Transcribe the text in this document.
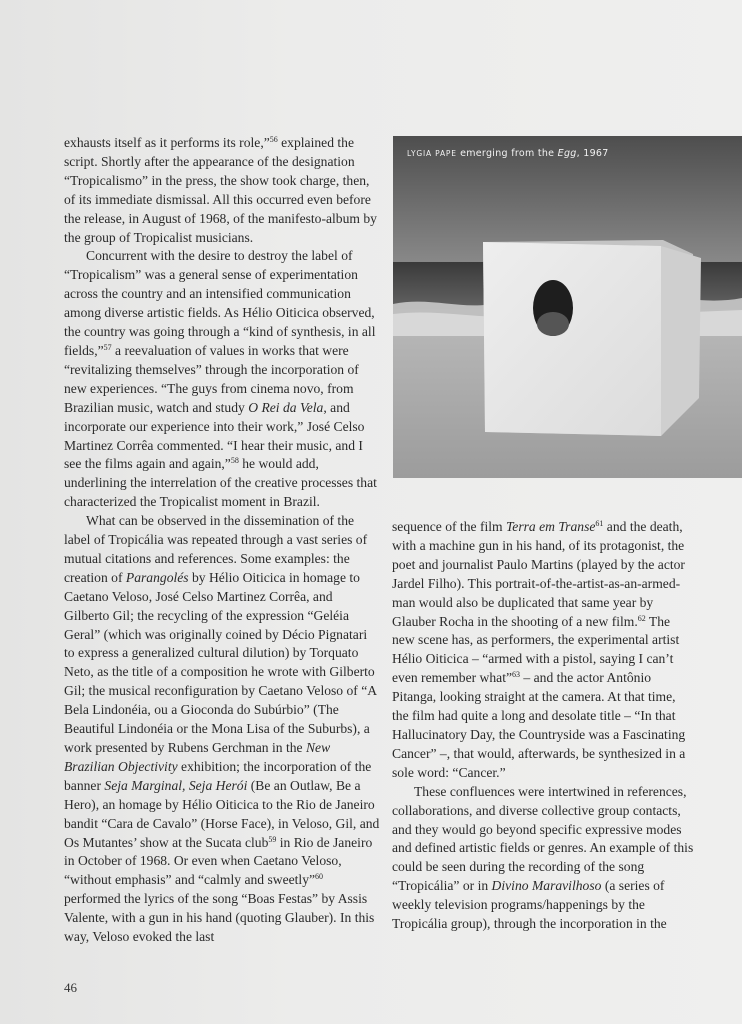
exhausts itself as it performs its role,”$^{56}$ explained the script. Shortly after the appearance of the designation “Tropicalismo” in the press, the show took charge, then, of its immediate dismissal. All this occurred even before the release, in August of 1968, of the manifesto-album by the group of Tropicalist musicians.

Concurrent with the desire to destroy the label of “Tropicalism” was a general sense of experimentation across the country and an intensified communication among diverse artistic fields. As Hélio Oiticica observed, the country was going through a “kind of synthesis, in all fields,”$^{57}$ a reevaluation of values in works that were “revitalizing themselves” through the incorporation of new experiences. “The guys from cinema novo, from Brazilian music, watch and study O Rei da Vela, and incorporate our experience into their work,” José Celso Martinez Corrêa commented. “I hear their music, and I see the films again and again,”$^{58}$ he would add, underlining the interrelation of the creative processes that characterized the Tropicalist moment in Brazil.

What can be observed in the dissemination of the label of Tropicália was repeated through a vast series of mutual citations and references. Some examples: the creation of Parangolés by Hélio Oiticica in homage to Caetano Veloso, José Celso Martinez Corrêa, and Gilberto Gil; the recycling of the expression “Geléia Geral” (which was originally coined by Décio Pignatari to express a generalized cultural dilution) by Torquato Neto, as the title of a composition he wrote with Gilberto Gil; the musical reconfiguration by Caetano Veloso of “A Bela Lindonéia, ou a Gioconda do Subúrbio” (The Beautiful Lindonéia or the Mona Lisa of the Suburbs), a work presented by Rubens Gerchman in the New Brazilian Objectivity exhibition; the incorporation of the banner Seja Marginal, Seja Herói (Be an Outlaw, Be a Hero), an homage by Hélio Oiticica to the Rio de Janeiro bandit “Cara de Cavalo” (Horse Face), in Veloso, Gil, and Os Mutantes’ show at the Sucata club$^{59}$ in Rio de Janeiro in October of 1968. Or even when Caetano Veloso, “without emphasis” and “calmly and sweetly”$^{60}$ performed the lyrics of the song “Boas Festas” by Assis Valente, with a gun in his hand (quoting Glauber). In this way, Veloso evoked the last

LYGIA PAPE emerging from the Egg, 1967

sequence of the film Terra em Transe$^{61}$ and the death, with a machine gun in his hand, of its protagonist, the poet and journalist Paulo Martins (played by the actor Jardel Filho). This portrait-of-the-artist-as-an-armed-man would also be duplicated that same year by Glauber Rocha in the shooting of a new film.$^{62}$ The new scene has, as performers, the experimental artist Hélio Oiticica – “armed with a pistol, saying I can’t even remember what”$^{63}$ – and the actor Antônio Pitanga, looking straight at the camera. At that time, the film had quite a long and desolate title – “In that Hallucinatory Day, the Countryside was a Fascinating Cancer” –, that would, afterwards, be synthesized in a sole word: “Cancer.”

These confluences were intertwined in references, collaborations, and diverse collective group contacts, and they would go beyond specific expressive modes and defined artistic fields or genres. An example of this could be seen during the recording of the song “Tropicália” or in Divino Maravilhoso (a series of weekly television programs/happenings by the Tropicália group), through the incorporation in the

46
